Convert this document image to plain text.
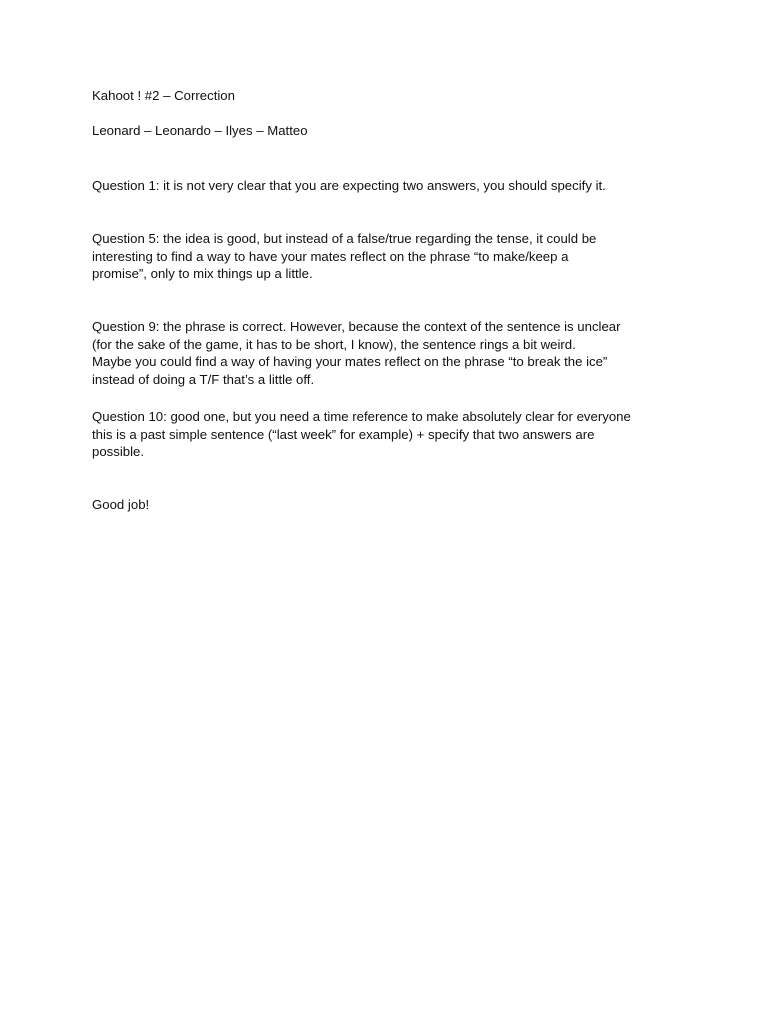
Kahoot ! #2 – Correction
Leonard – Leonardo – Ilyes – Matteo
Question 1: it is not very clear that you are expecting two answers, you should specify it.
Question 5: the idea is good, but instead of a false/true regarding the tense, it could be
interesting to find a way to have your mates reflect on the phrase “to make/keep a
promise”, only to mix things up a little.
Question 9: the phrase is correct. However, because the context of the sentence is unclear
(for the sake of the game, it has to be short, I know), the sentence rings a bit weird.
Maybe you could find a way of having your mates reflect on the phrase “to break the ice”
instead of doing a T/F that’s a little off.
Question 10: good one, but you need a time reference to make absolutely clear for everyone
this is a past simple sentence (“last week” for example) + specify that two answers are
possible.
Good job!
